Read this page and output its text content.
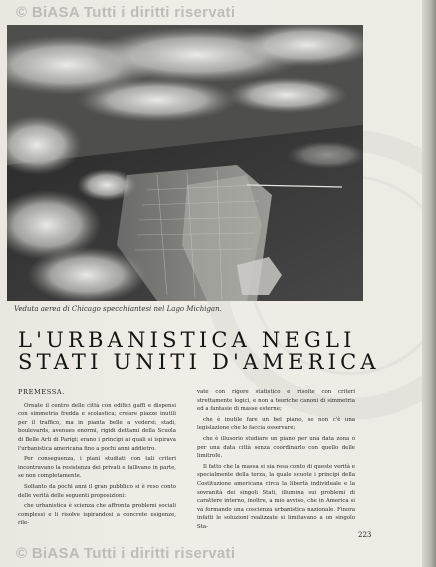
© BiASA Tutti i diritti riservati
Veduta aerea di Chicago specchiantesi nel Lago Michigan.
L'URBANISTICA NEGLI
STATI UNITI D'AMERICA

PREMESSA.

Ornate il centro delle città con edifici gaffi e dispensi con simmetria fredda e scolastica; creare piazze inutili per il traffico, ma in pianta belle a vedersi; stadi, boulevards, avenues enormi, rigidi dettami della Scuola di Belle Arti di Parigi; erano i principi ai quali si ispirava l'urbanistica americana fino a pochi anni addietro.

Per conseguenza, i piani studiati con tali criteri incontravano la resistenza dei privati e fallivano in parte, se non completamente.

Soltanto da pochi anni il gran pubblico si è reso conto delle verità delle seguenti proposizioni:

che urbanistica è scienza che affronta problemi sociali complessi e li risolve ispirandosi a concrete esigenze, rile-

vate con rigore statistico e risolte con criteri strettamente logici, e non a teoriche canoni di simmetria ed a fantasie di masse esterne;

che è inutile fare un bel piano, se non c'è una legislazione che lo faccia osservare;

che è illusorio studiare un piano per una data zona o per una data città senza coordinarlo con quello delle limitrofe.

Il fatto che la massa si sia resa conto di queste verità e specialmente della terza, la quale scuote i principi della Costituzione americana circa la libertà individuale e la sovranità dei singoli Stati, illumina sui problemi di carattere interno, inoltre, a mio avviso, che in America si va formando una coscienza urbanistica nazionale. Finora infatti le soluzioni realizzate si limitavano a un singolo Sta-

223
© BiASA Tutti i diritti riservati
